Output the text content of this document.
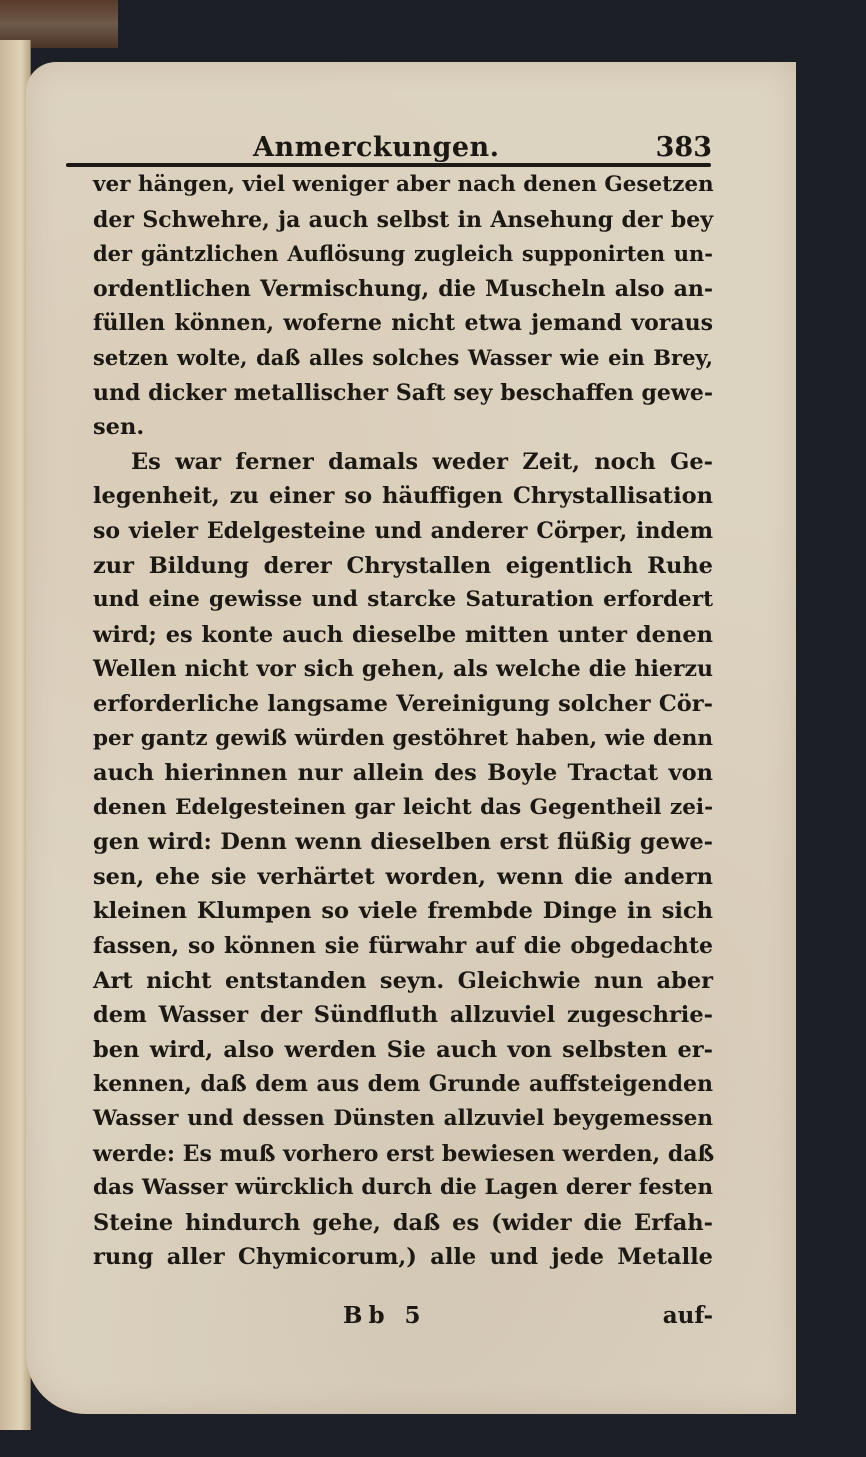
Anmerckungen.	383
ver hängen, viel weniger aber nach denen Gesetzen
der Schwehre, ja auch selbst in Ansehung der bey
der gäntzlichen Auflösung zugleich supponirten un-
ordentlichen Vermischung, die Muscheln also an-
füllen können, woferne nicht etwa jemand voraus
setzen wolte, daß alles solches Wasser wie ein Brey,
und dicker metallischer Saft sey beschaffen gewe-
sen.
Es war ferner damals weder Zeit, noch Ge-
legenheit, zu einer so häuffigen Chrystallisation
so vieler Edelgesteine und anderer Cörper, indem
zur Bildung derer Chrystallen eigentlich Ruhe
und eine gewisse und starcke Saturation erfordert
wird; es konte auch dieselbe mitten unter denen
Wellen nicht vor sich gehen, als welche die hierzu
erforderliche langsame Vereinigung solcher Cör-
per gantz gewiß würden gestöhret haben, wie denn
auch hierinnen nur allein des Boyle Tractat von
denen Edelgesteinen gar leicht das Gegentheil zei-
gen wird: Denn wenn dieselben erst flüßig gewe-
sen, ehe sie verhärtet worden, wenn die andern
kleinen Klumpen so viele frembde Dinge in sich
fassen, so können sie fürwahr auf die obgedachte
Art nicht entstanden seyn. Gleichwie nun aber
dem Wasser der Sündfluth allzuviel zugeschrie-
ben wird, also werden Sie auch von selbsten er-
kennen, daß dem aus dem Grunde auffsteigenden
Wasser und dessen Dünsten allzuviel beygemessen
werde: Es muß vorhero erst bewiesen werden, daß
das Wasser würcklich durch die Lagen derer festen
Steine hindurch gehe, daß es (wider die Erfah-
rung aller Chymicorum,) alle und jede Metalle
Bb 5	auf-
